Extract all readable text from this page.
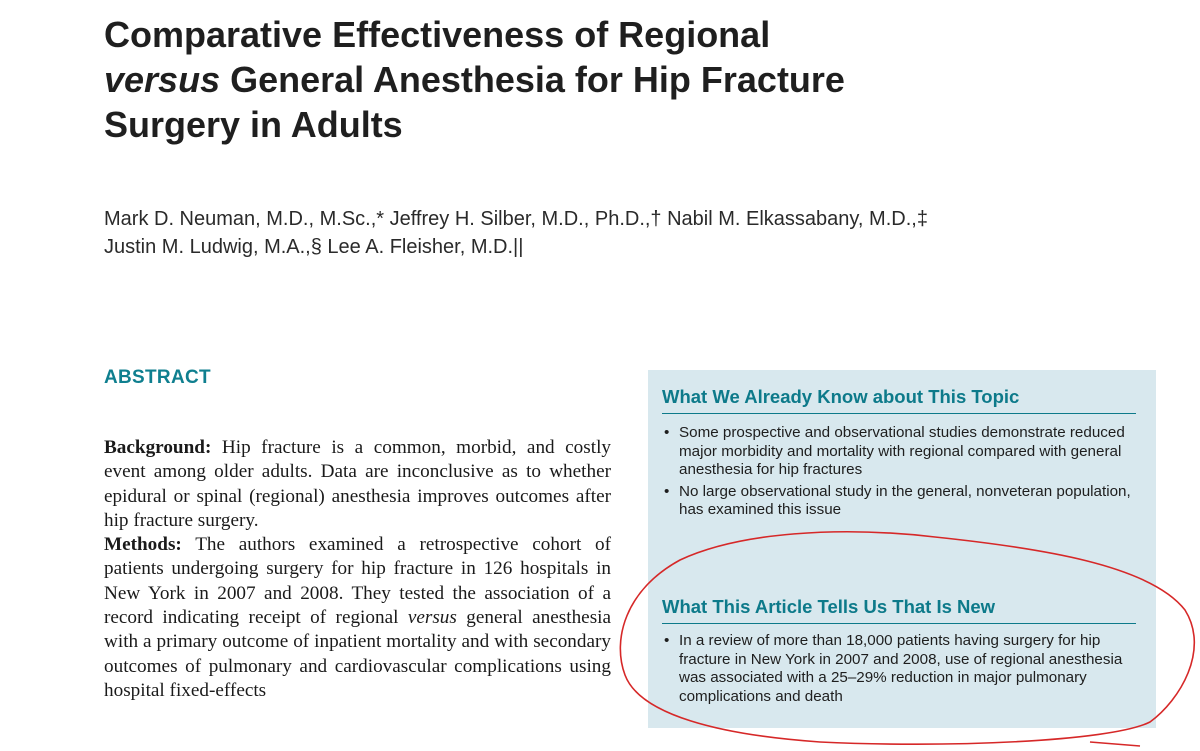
Comparative Effectiveness of Regional
versus General Anesthesia for Hip Fracture
Surgery in Adults
Mark D. Neuman, M.D., M.Sc.,* Jeffrey H. Silber, M.D., Ph.D.,† Nabil M. Elkassabany, M.D.,‡
Justin M. Ludwig, M.A.,§ Lee A. Fleisher, M.D.||
ABSTRACT

Background: Hip fracture is a common, morbid, and costly event among older adults. Data are inconclusive as to whether epidural or spinal (regional) anesthesia improves outcomes after hip fracture surgery.

Methods: The authors examined a retrospective cohort of patients undergoing surgery for hip fracture in 126 hospitals in New York in 2007 and 2008. They tested the association of a record indicating receipt of regional versus general anesthesia with a primary outcome of inpatient mortality and with secondary outcomes of pulmonary and cardiovascular complications using hospital fixed-effects

What We Already Know about This Topic
• Some prospective and observational studies demonstrate reduced major morbidity and mortality with regional compared with general anesthesia for hip fractures
• No large observational study in the general, nonveteran population, has examined this issue
What This Article Tells Us That Is New
• In a review of more than 18,000 patients having surgery for hip fracture in New York in 2007 and 2008, use of regional anesthesia was associated with a 25–29% reduction in major pulmonary complications and death
